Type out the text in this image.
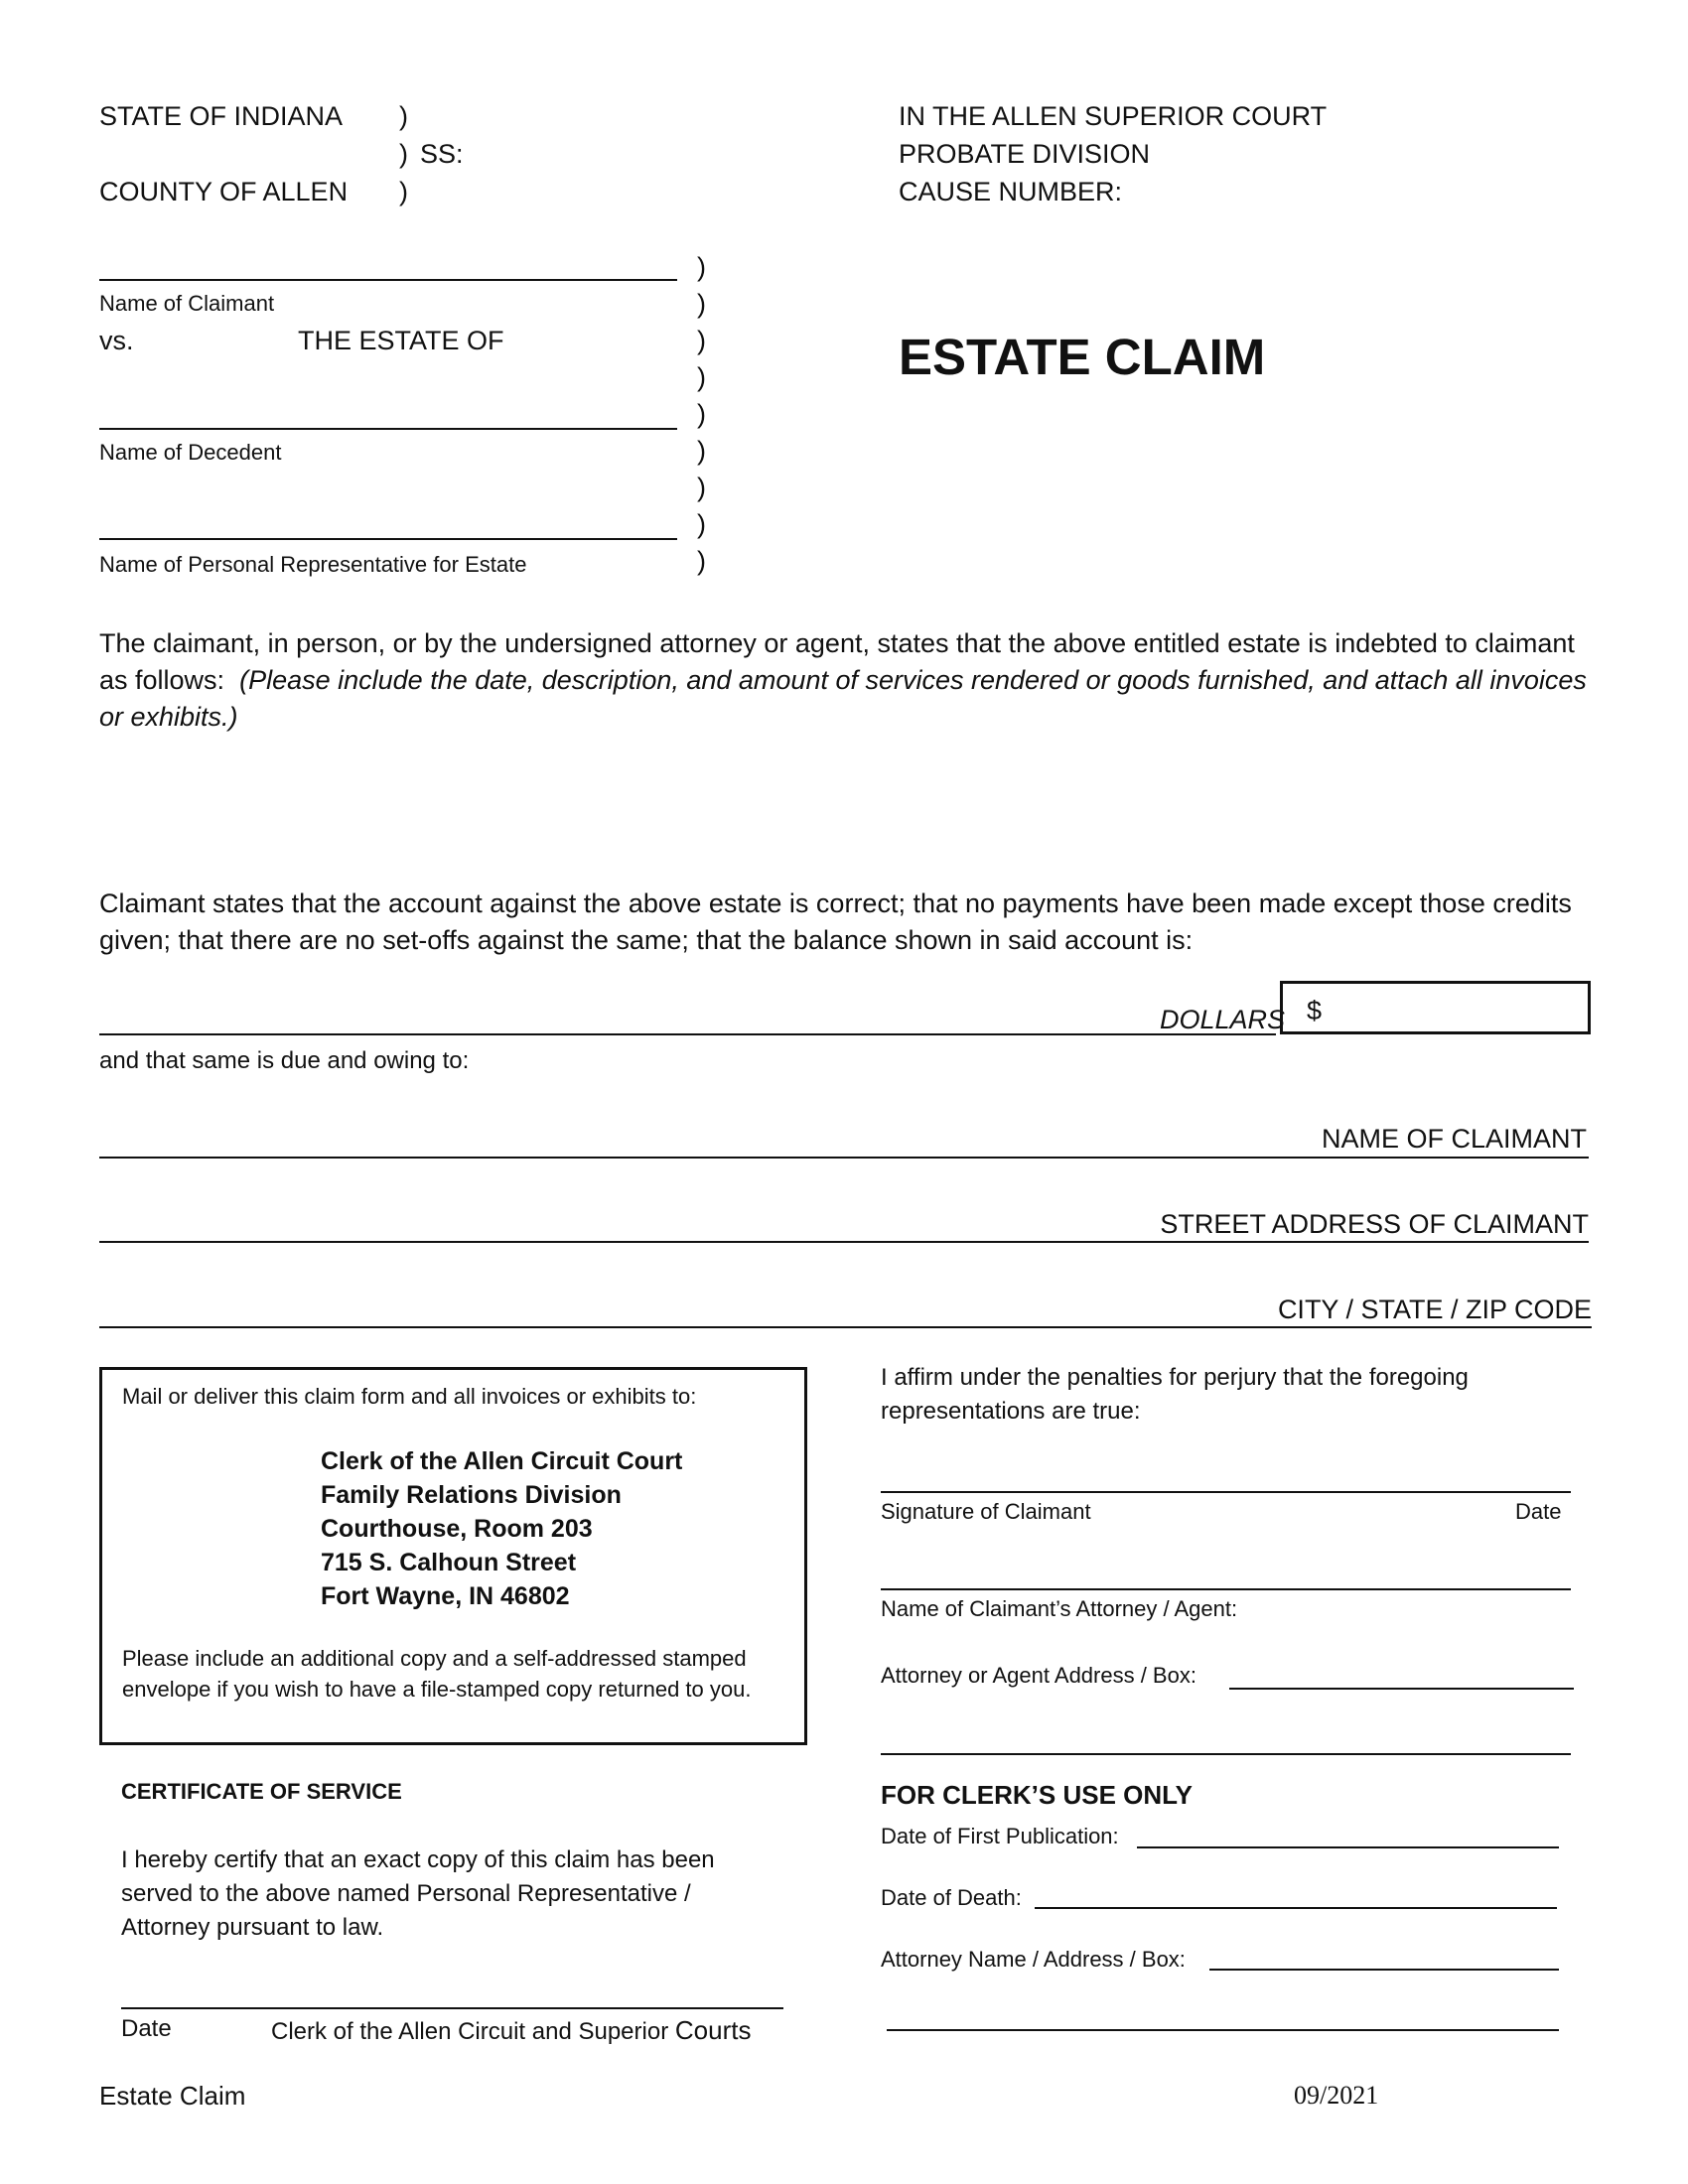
STATE OF INDIANA
COUNTY OF ALLEN
)
)
)
SS:
IN THE ALLEN SUPERIOR COURT
PROBATE DIVISION
CAUSE NUMBER:
Name of Claimant
vs.	THE ESTATE OF
Name of Decedent
Name of Personal Representative for Estate
)
)
)
)
)
)
)
)
)
ESTATE CLAIM
The claimant, in person, or by the undersigned attorney or agent, states that the above entitled estate is indebted to claimant as follows: (Please include the date, description, and amount of services rendered or goods furnished, and attach all invoices or exhibits.)
Claimant states that the account against the above estate is correct; that no payments have been made except those credits given; that there are no set-offs against the same; that the balance shown in said account is:
DOLLARS $
and that same is due and owing to:
NAME OF CLAIMANT
STREET ADDRESS OF CLAIMANT
CITY / STATE / ZIP CODE
Mail or deliver this claim form and all invoices or exhibits to:
Clerk of the Allen Circuit Court
Family Relations Division
Courthouse, Room 203
715 S. Calhoun Street
Fort Wayne, IN 46802
Please include an additional copy and a self-addressed stamped envelope if you wish to have a file-stamped copy returned to you.
I affirm under the penalties for perjury that the foregoing representations are true:
Signature of Claimant	Date
Name of Claimant’s Attorney / Agent:
Attorney or Agent Address / Box:
CERTIFICATE OF SERVICE
I hereby certify that an exact copy of this claim has been served to the above named Personal Representative / Attorney pursuant to law.
Date	Clerk of the Allen Circuit and Superior Courts
FOR CLERK’S USE ONLY
Date of First Publication:
Date of Death:
Attorney Name / Address / Box:
Estate Claim	09/2021
